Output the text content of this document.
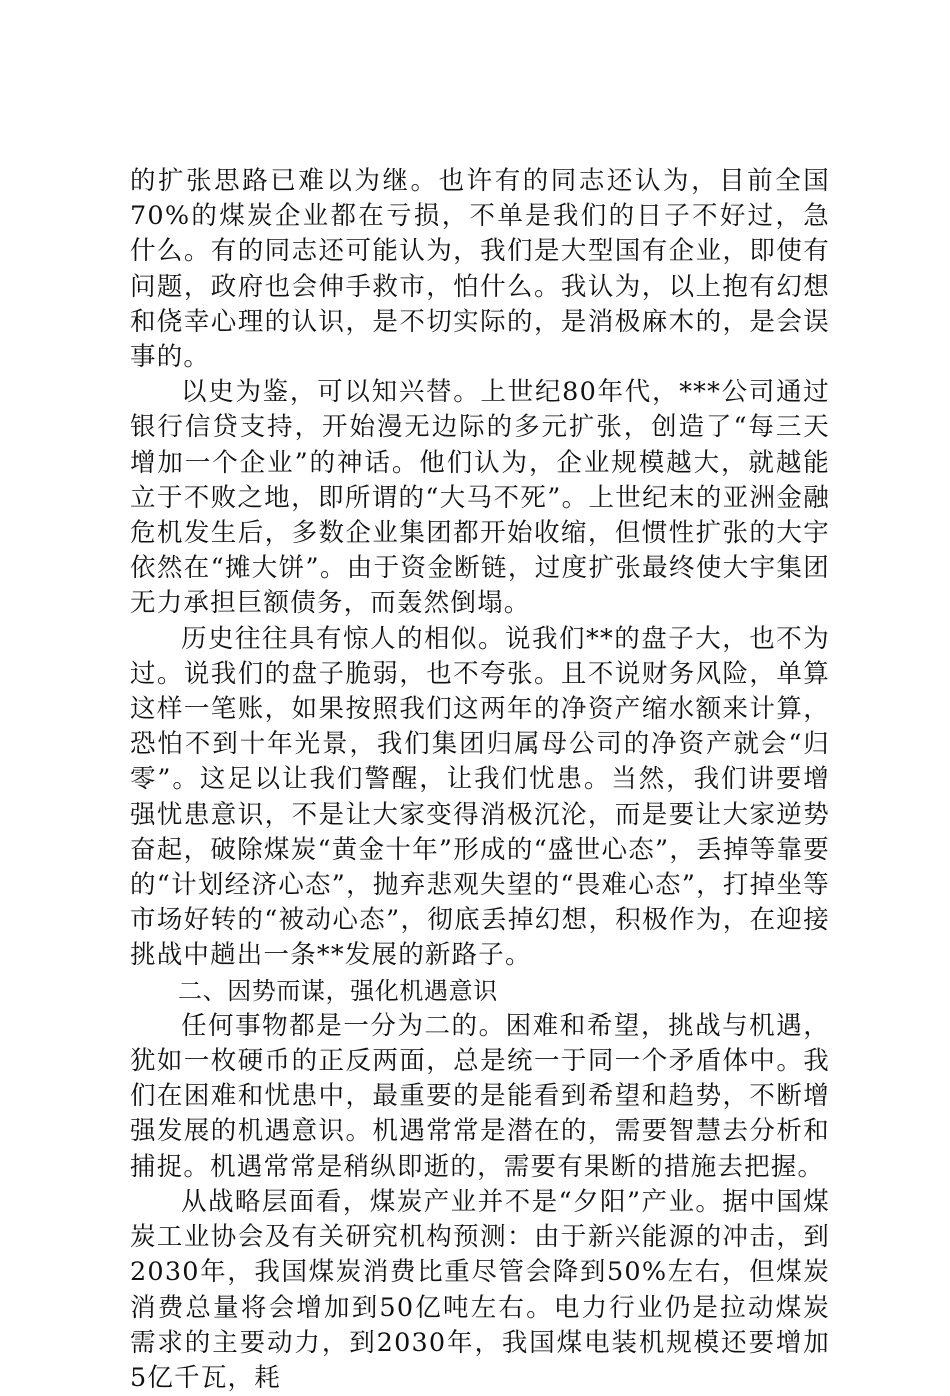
的扩张思路已难以为继。也许有的同志还认为，目前全国70%的煤炭企业都在亏损，不单是我们的日子不好过，急什么。有的同志还可能认为，我们是大型国有企业，即使有问题，政府也会伸手救市，怕什么。我认为，以上抱有幻想和侥幸心理的认识，是不切实际的，是消极麻木的，是会误事的。

以史为鉴，可以知兴替。上世纪80年代，***公司通过银行信贷支持，开始漫无边际的多元扩张，创造了“每三天增加一个企业”的神话。他们认为，企业规模越大，就越能立于不败之地，即所谓的“大马不死”。上世纪末的亚洲金融危机发生后，多数企业集团都开始收缩，但惯性扩张的大宇依然在“摊大饼”。由于资金断链，过度扩张最终使大宇集团无力承担巨额债务，而轰然倒塌。

历史往往具有惊人的相似。说我们**的盘子大，也不为过。说我们的盘子脆弱，也不夸张。且不说财务风险，单算这样一笔账，如果按照我们这两年的净资产缩水额来计算，恐怕不到十年光景，我们集团归属母公司的净资产就会“归零”。这足以让我们警醒，让我们忧患。当然，我们讲要增强忧患意识，不是让大家变得消极沉沦，而是要让大家逆势奋起，破除煤炭“黄金十年”形成的“盛世心态”，丢掉等靠要的“计划经济心态”，抛弃悲观失望的“畏难心态”，打掉坐等市场好转的“被动心态”，彻底丢掉幻想，积极作为，在迎接挑战中趟出一条**发展的新路子。

二、因势而谋，强化机遇意识

任何事物都是一分为二的。困难和希望，挑战与机遇，犹如一枚硬币的正反两面，总是统一于同一个矛盾体中。我们在困难和忧患中，最重要的是能看到希望和趋势，不断增强发展的机遇意识。机遇常常是潜在的，需要智慧去分析和捕捉。机遇常常是稍纵即逝的，需要有果断的措施去把握。

从战略层面看，煤炭产业并不是“夕阳”产业。据中国煤炭工业协会及有关研究机构预测：由于新兴能源的冲击，到2030年，我国煤炭消费比重尽管会降到50%左右，但煤炭消费总量将会增加到50亿吨左右。电力行业仍是拉动煤炭需求的主要动力，到2030年，我国煤电装机规模还要增加5亿千瓦，耗
